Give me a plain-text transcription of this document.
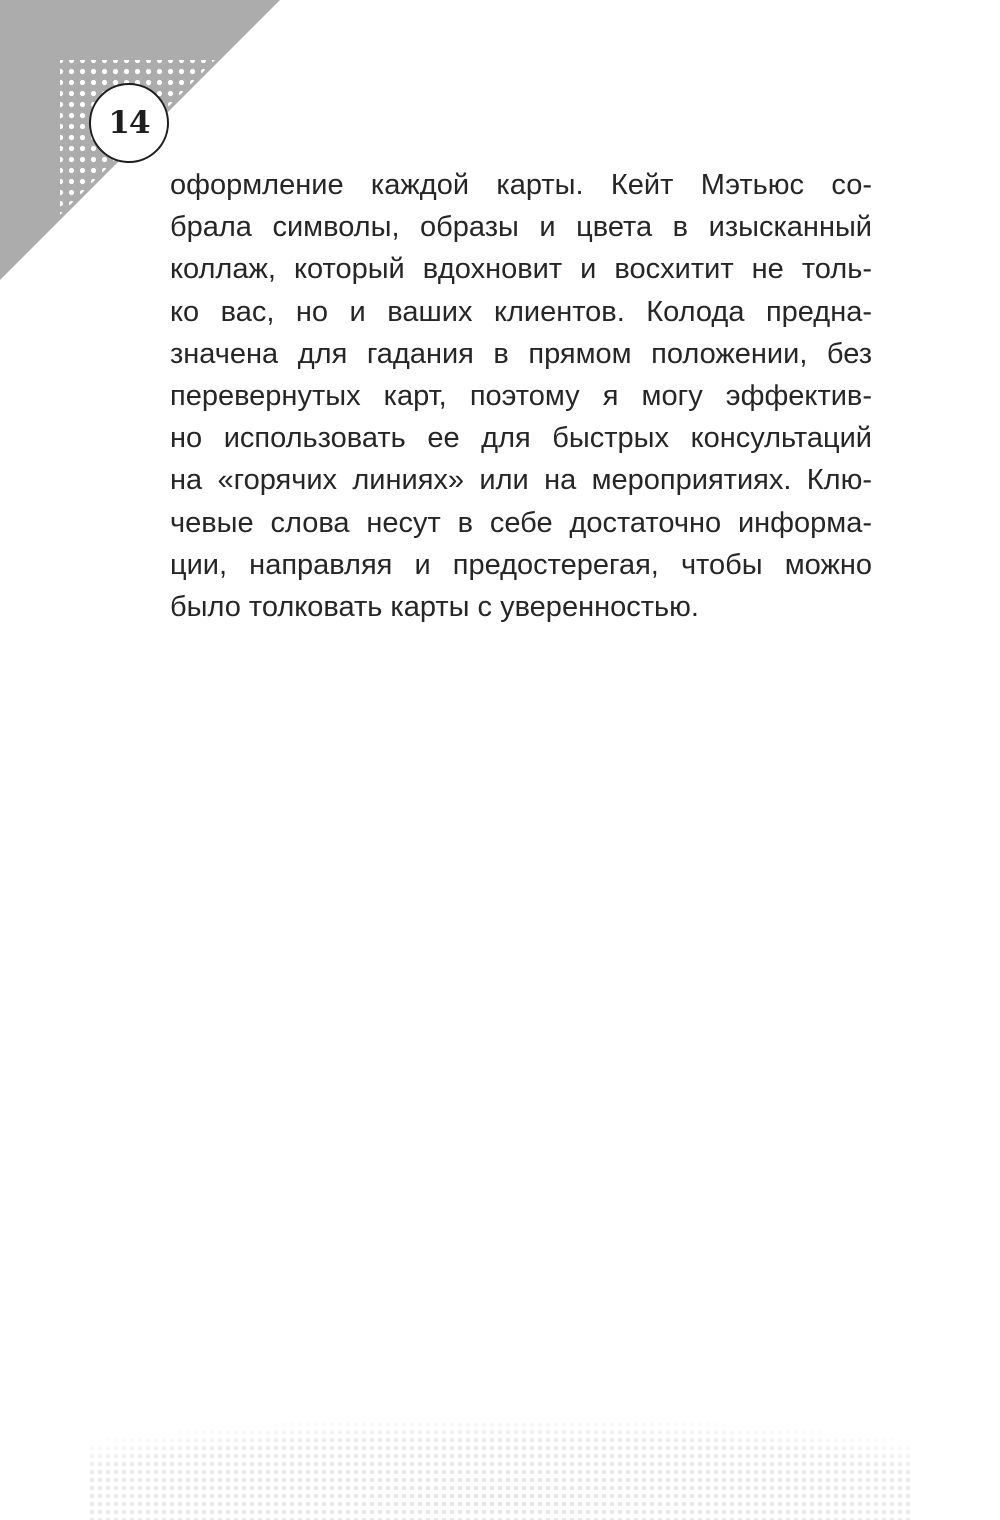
14
оформление каждой карты. Кейт Мэтьюс со-
брала символы, образы и цвета в изысканный
коллаж, который вдохновит и восхитит не толь-
ко вас, но и ваших клиентов. Колода предна-
значена для гадания в прямом положении, без
перевернутых карт, поэтому я могу эффектив-
но использовать ее для быстрых консультаций
на «горячих линиях» или на мероприятиях. Клю-
чевые слова несут в себе достаточно информа-
ции, направляя и предостерегая, чтобы можно
было толковать карты с уверенностью.
